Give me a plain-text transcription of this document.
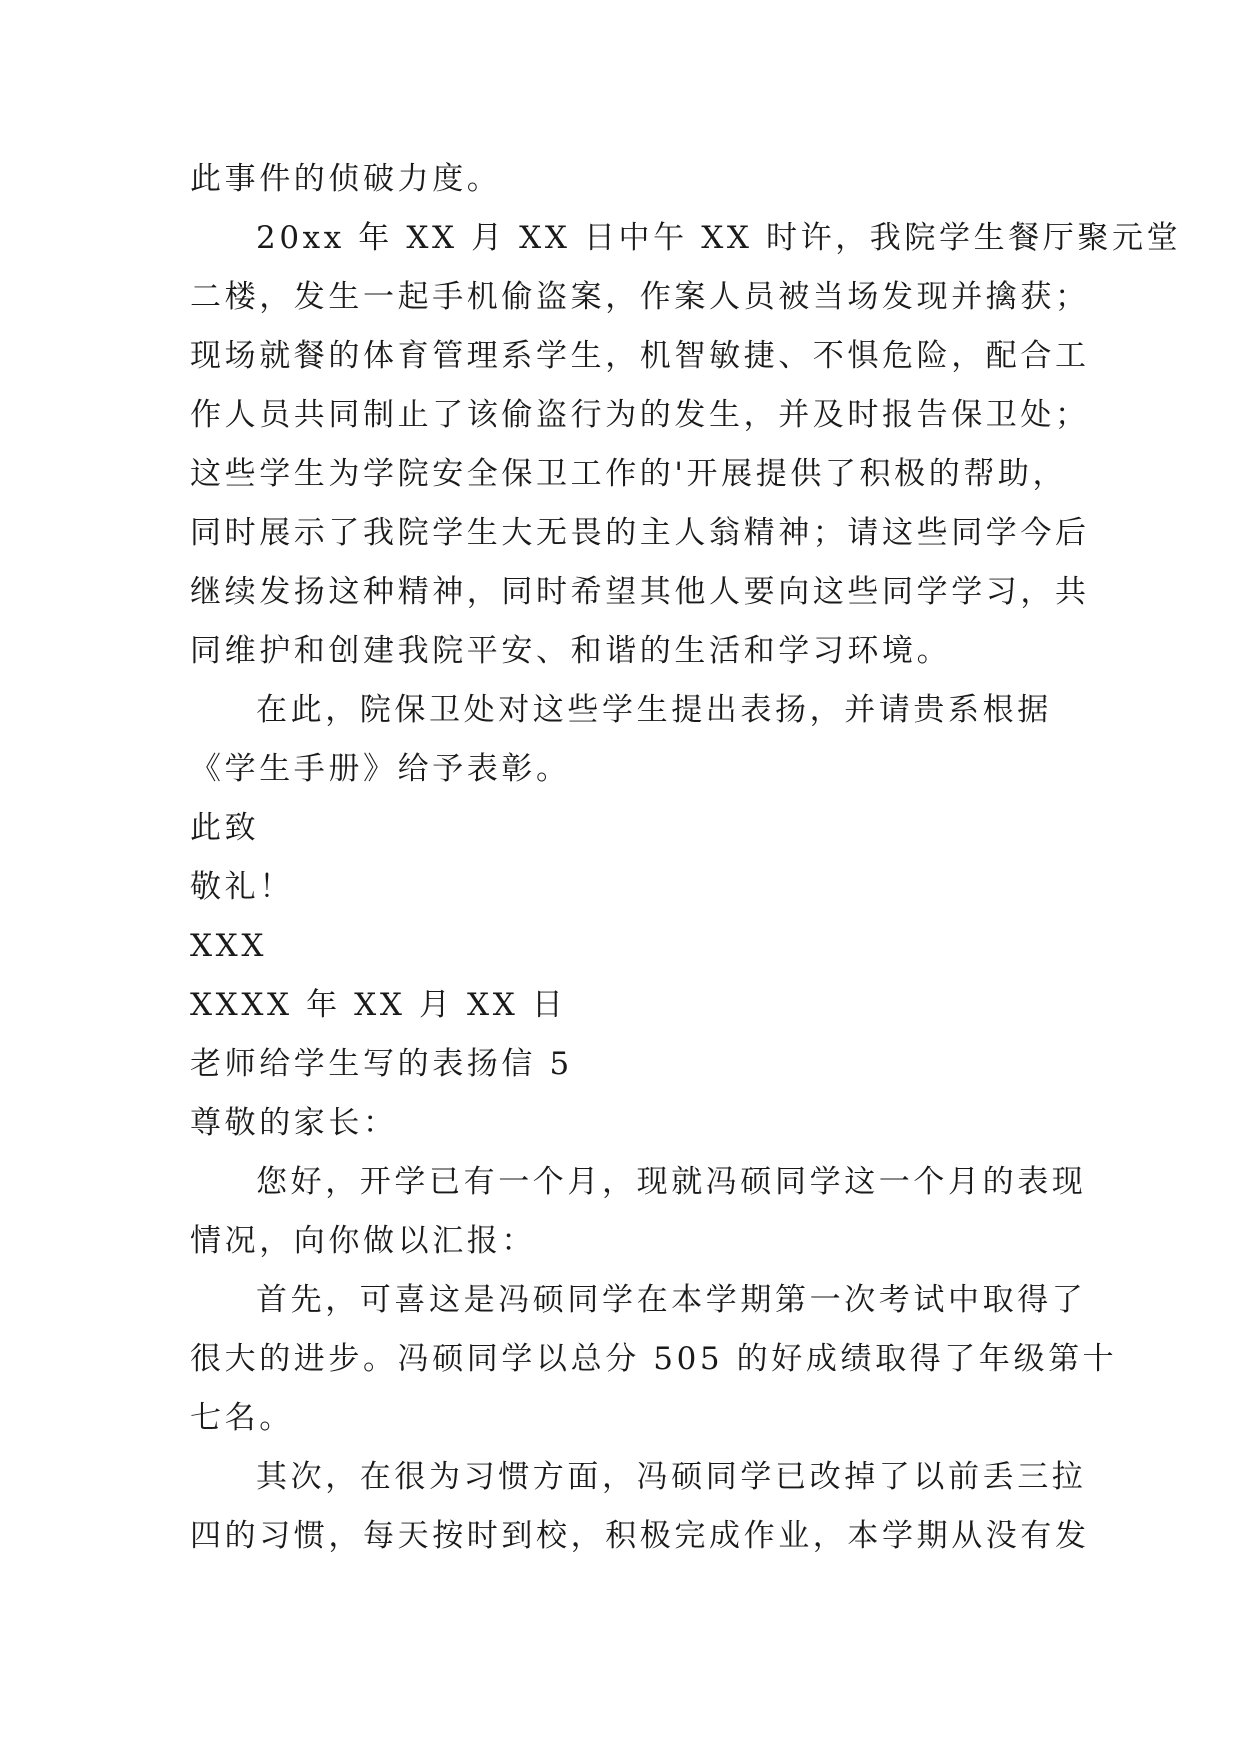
此事件的侦破力度。
20xx 年 XX 月 XX 日中午 XX 时许，我院学生餐厅聚元堂
二楼，发生一起手机偷盗案，作案人员被当场发现并擒获；
现场就餐的体育管理系学生，机智敏捷、不惧危险，配合工
作人员共同制止了该偷盗行为的发生，并及时报告保卫处；
这些学生为学院安全保卫工作的'开展提供了积极的帮助，
同时展示了我院学生大无畏的主人翁精神；请这些同学今后
继续发扬这种精神，同时希望其他人要向这些同学学习，共
同维护和创建我院平安、和谐的生活和学习环境。
在此，院保卫处对这些学生提出表扬，并请贵系根据
《学生手册》给予表彰。
此致
敬礼！
XXX
XXXX 年 XX 月 XX 日
老师给学生写的表扬信 5
尊敬的家长：
您好，开学已有一个月，现就冯硕同学这一个月的表现
情况，向你做以汇报：
首先，可喜这是冯硕同学在本学期第一次考试中取得了
很大的进步。冯硕同学以总分 505 的好成绩取得了年级第十
七名。
其次，在很为习惯方面，冯硕同学已改掉了以前丢三拉
四的习惯，每天按时到校，积极完成作业，本学期从没有发
